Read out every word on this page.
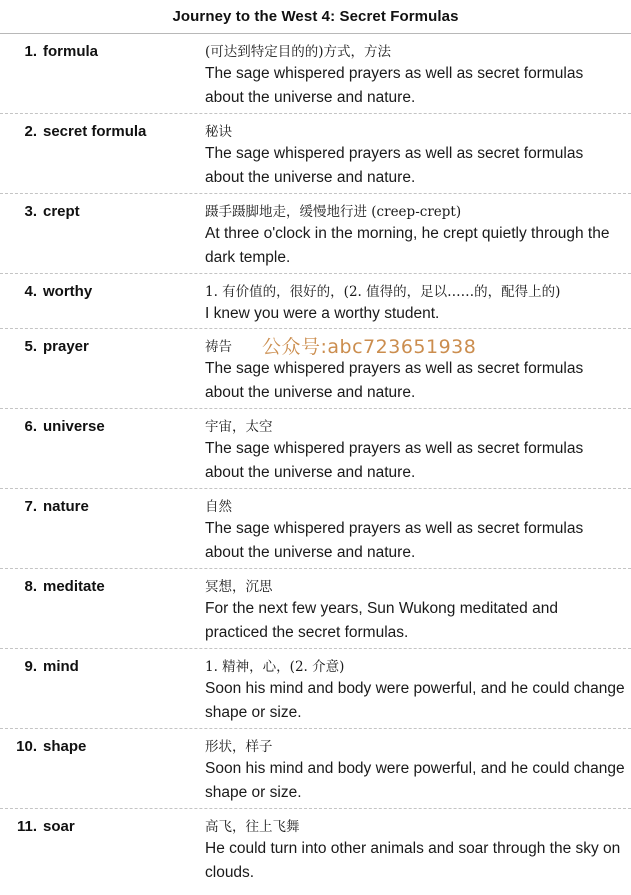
Journey to the West 4: Secret Formulas
1. formula	(可达到特定目的的)方式，方法
The sage whispered prayers as well as secret formulas about the universe and nature.
2. secret formula	秘诀
The sage whispered prayers as well as secret formulas about the universe and nature.
3. crept	蹑手蹑脚地走，缓慢地行进 (creep-crept)
At three o'clock in the morning, he crept quietly through the dark temple.
4. worthy	1. 有价值的，很好的，(2. 值得的，足以……的，配得上的)
I knew you were a worthy student.
5. prayer	祷告
The sage whispered prayers as well as secret formulas about the universe and nature.
6. universe	宇宙，太空
The sage whispered prayers as well as secret formulas about the universe and nature.
7. nature	自然
The sage whispered prayers as well as secret formulas about the universe and nature.
8. meditate	冥想，沉思
For the next few years, Sun Wukong meditated and practiced the secret formulas.
9. mind	1. 精神，心，(2. 介意)
Soon his mind and body were powerful, and he could change shape or size.
10. shape	形状，样子
Soon his mind and body were powerful, and he could change shape or size.
11. soar	高飞，往上飞舞
He could turn into other animals and soar through the sky on clouds.
公众号:abc723651938
